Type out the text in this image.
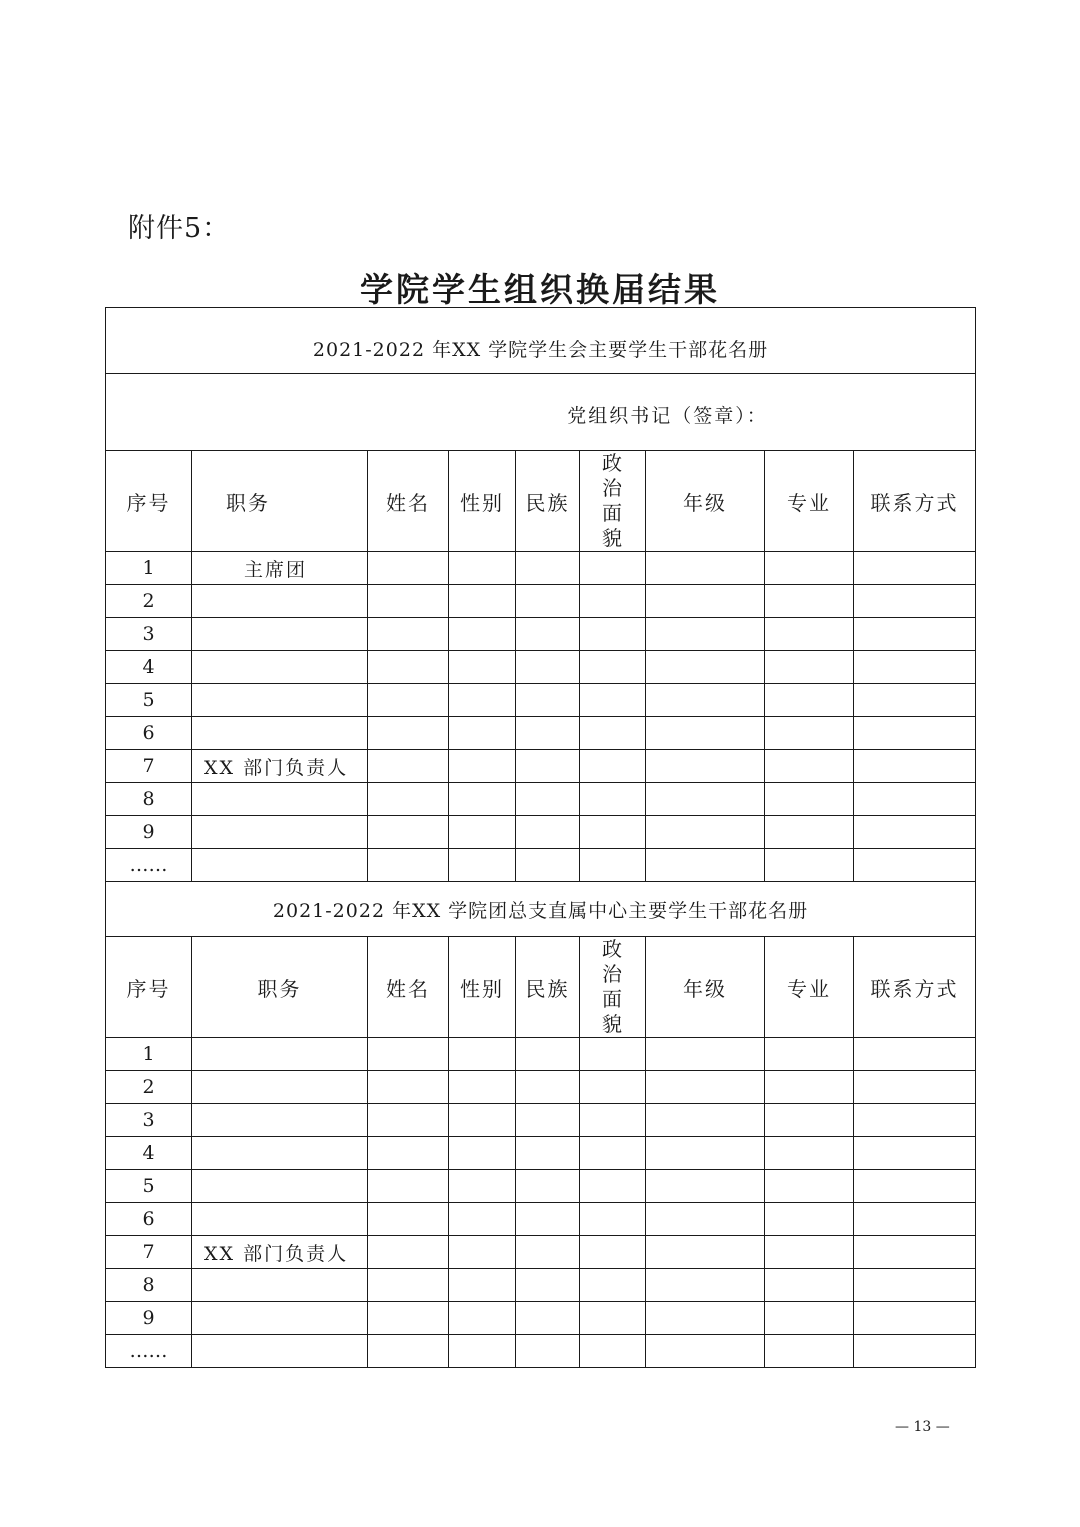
附件5：
学院学生组织换届结果
2021-2022 年XX 学院学生会主要学生干部花名册								
党组织书记（签章）：								
序号	职务	姓名	性别	民族	政治面貌	年级	专业	联系方式
1	主席团							
2								
3								
4								
5								
6								
7	XX 部门负责人							
8								
9								
……								
2021-2022 年XX 学院团总支直属中心主要学生干部花名册								
序号	职务	姓名	性别	民族	政治面貌	年级	专业	联系方式
1								
2								
3								
4								
5								
6								
7	XX 部门负责人							
8								
9								
……								
— 13 —
